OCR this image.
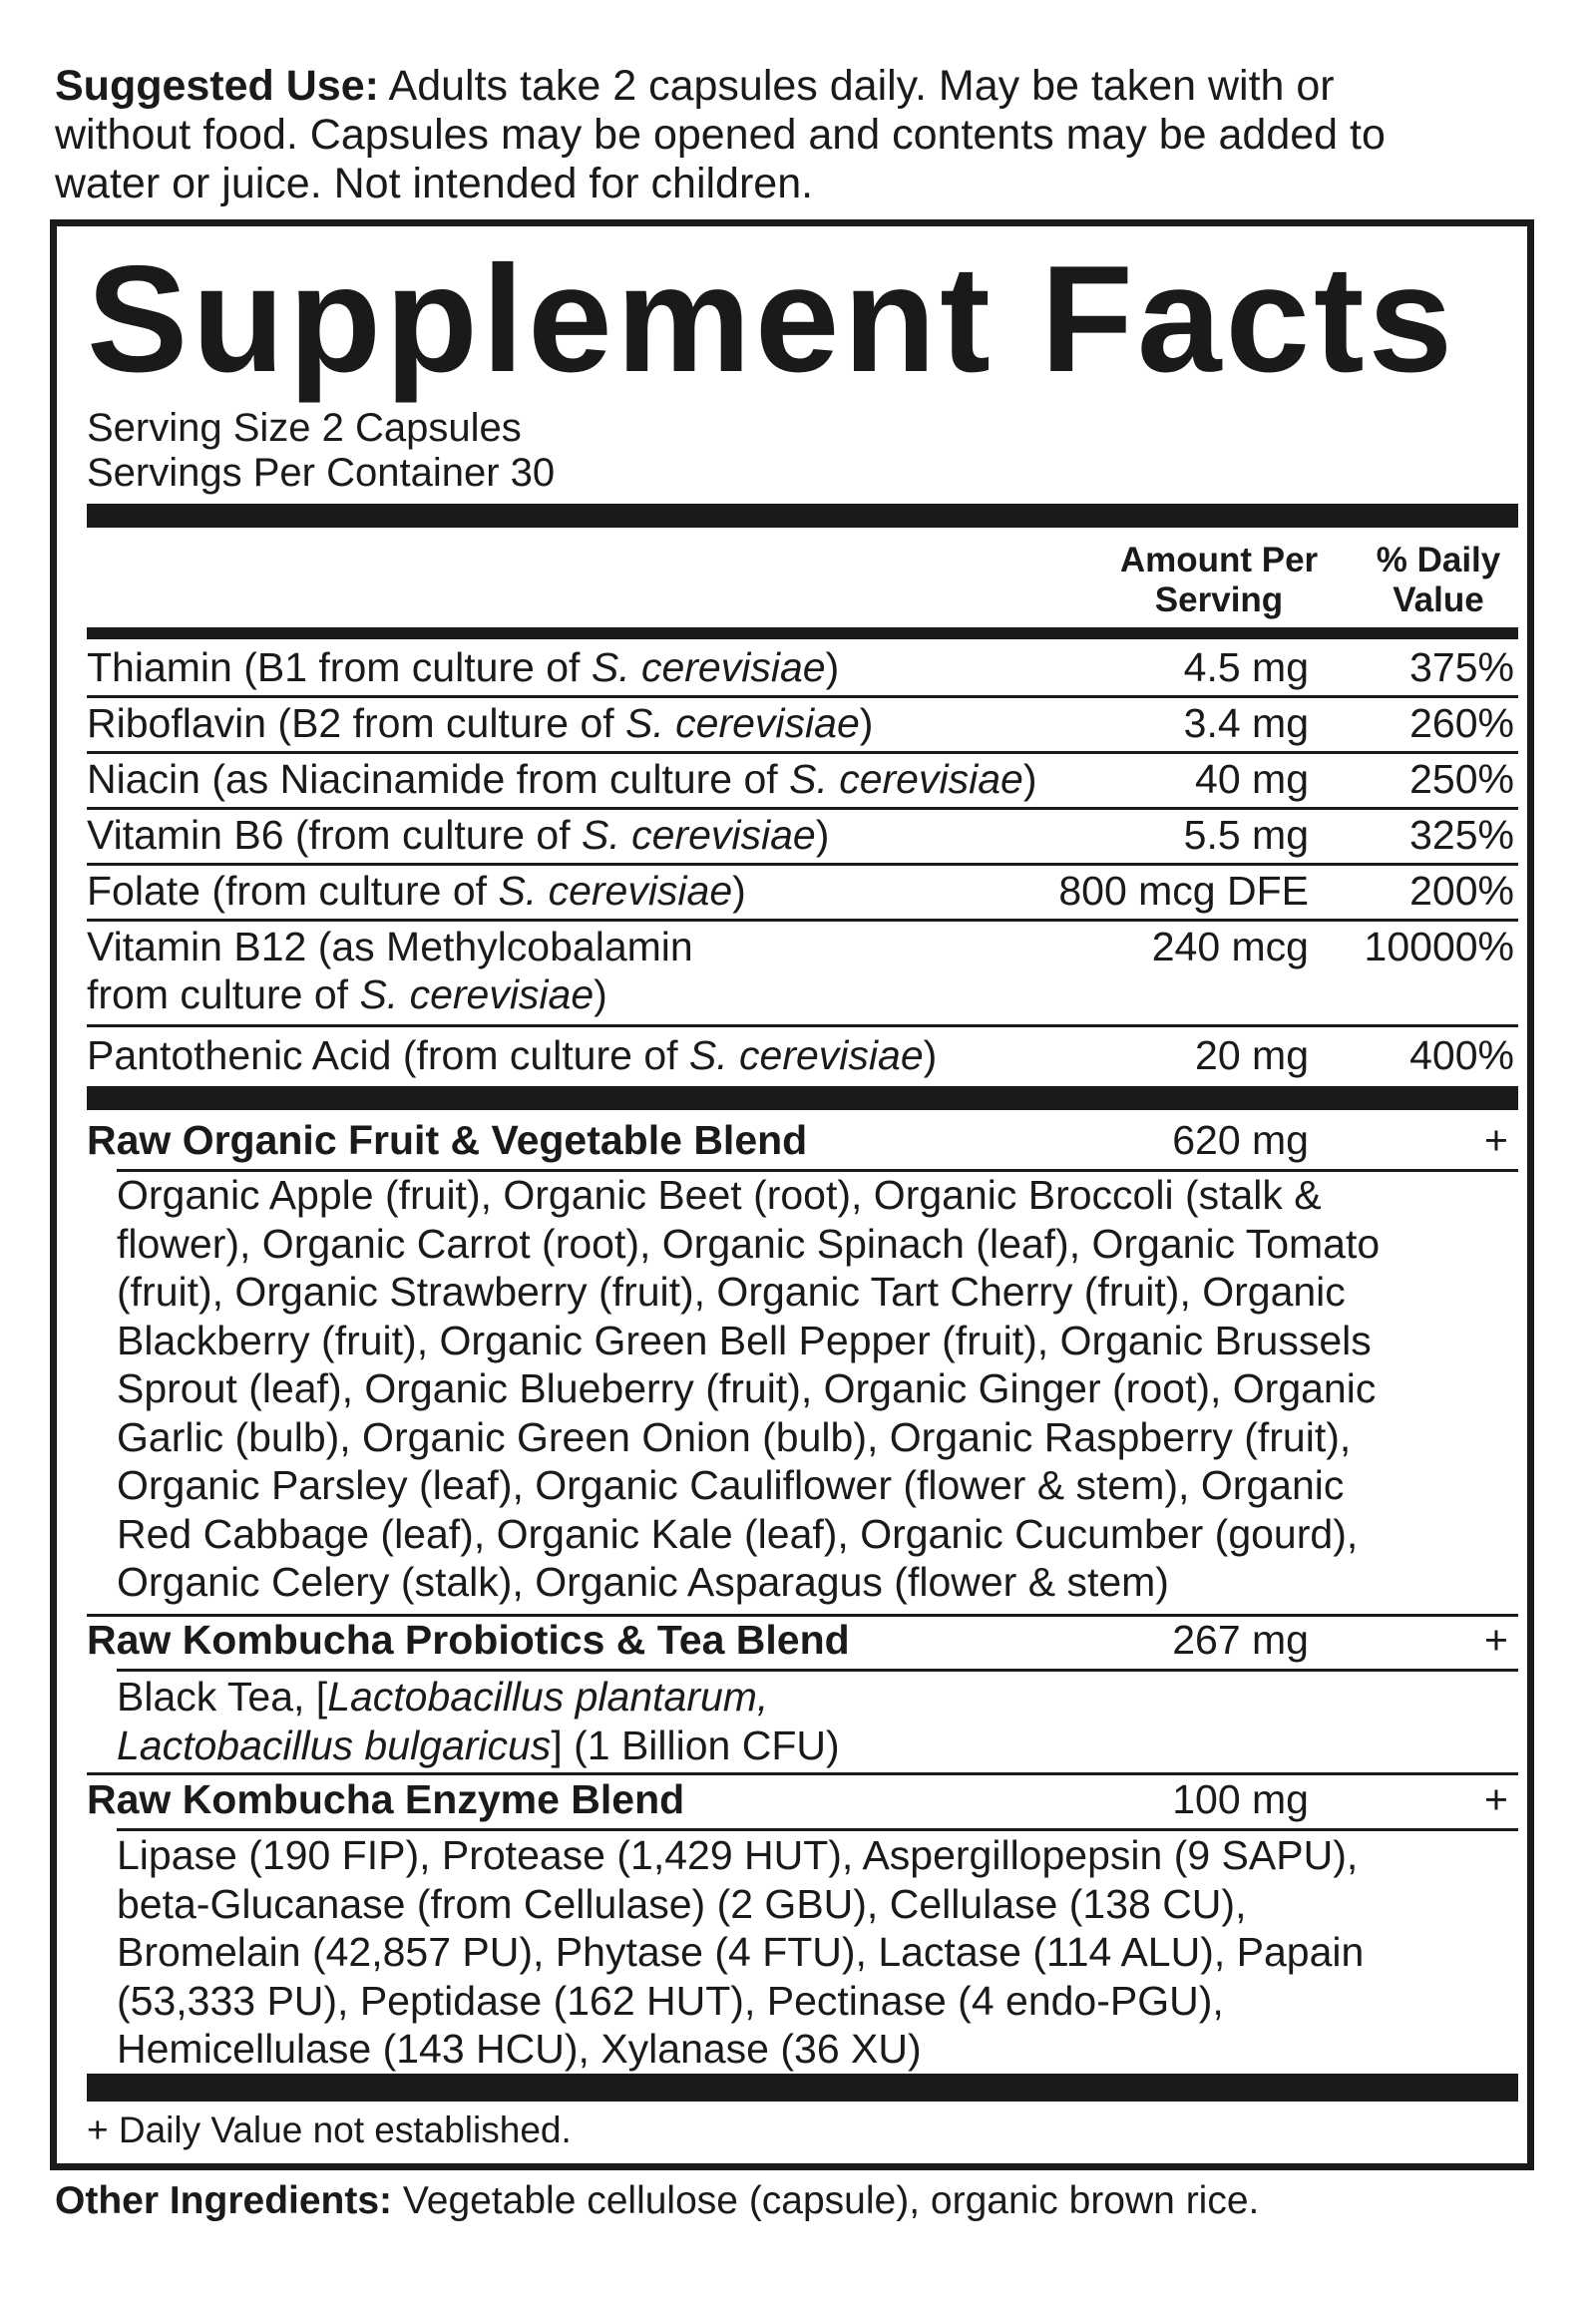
Suggested Use: Adults take 2 capsules daily. May be taken with or
without food. Capsules may be opened and contents may be added to
water or juice. Not intended for children.
Supplement Facts
Serving Size 2 Capsules
Servings Per Container 30
Amount Per
Serving
% Daily
Value
Thiamin (B1 from culture of S. cerevisiae)	4.5 mg 375%
Riboflavin (B2 from culture of S. cerevisiae)	3.4 mg 260%
Niacin (as Niacinamide from culture of S. cerevisiae)	40 mg 250%
Vitamin B6 (from culture of S. cerevisiae)	5.5 mg 325%
Folate (from culture of S. cerevisiae)	800 mcg DFE 200%
Vitamin B12 (as Methylcobalamin
from culture of S. cerevisiae)
240 mcg 10000%
Pantothenic Acid (from culture of S. cerevisiae)	20 mg 400%
Raw Organic Fruit & Vegetable Blend	620 mg	+
Organic Apple (fruit), Organic Beet (root), Organic Broccoli (stalk &
flower), Organic Carrot (root), Organic Spinach (leaf), Organic Tomato
(fruit), Organic Strawberry (fruit), Organic Tart Cherry (fruit), Organic
Blackberry (fruit), Organic Green Bell Pepper (fruit), Organic Brussels
Sprout (leaf), Organic Blueberry (fruit), Organic Ginger (root), Organic
Garlic (bulb), Organic Green Onion (bulb), Organic Raspberry (fruit),
Organic Parsley (leaf), Organic Cauliflower (flower & stem), Organic
Red Cabbage (leaf), Organic Kale (leaf), Organic Cucumber (gourd),
Organic Celery (stalk), Organic Asparagus (flower & stem)
Raw Kombucha Probiotics & Tea Blend	267 mg	+
Black Tea, [Lactobacillus plantarum,
Lactobacillus bulgaricus] (1 Billion CFU)
Raw Kombucha Enzyme Blend	100 mg	+
Lipase (190 FIP), Protease (1,429 HUT), Aspergillopepsin (9 SAPU),
beta-Glucanase (from Cellulase) (2 GBU), Cellulase (138 CU),
Bromelain (42,857 PU), Phytase (4 FTU), Lactase (114 ALU), Papain
(53,333 PU), Peptidase (162 HUT), Pectinase (4 endo-PGU),
Hemicellulase (143 HCU), Xylanase (36 XU)
+ Daily Value not established.
Other Ingredients: Vegetable cellulose (capsule), organic brown rice.
